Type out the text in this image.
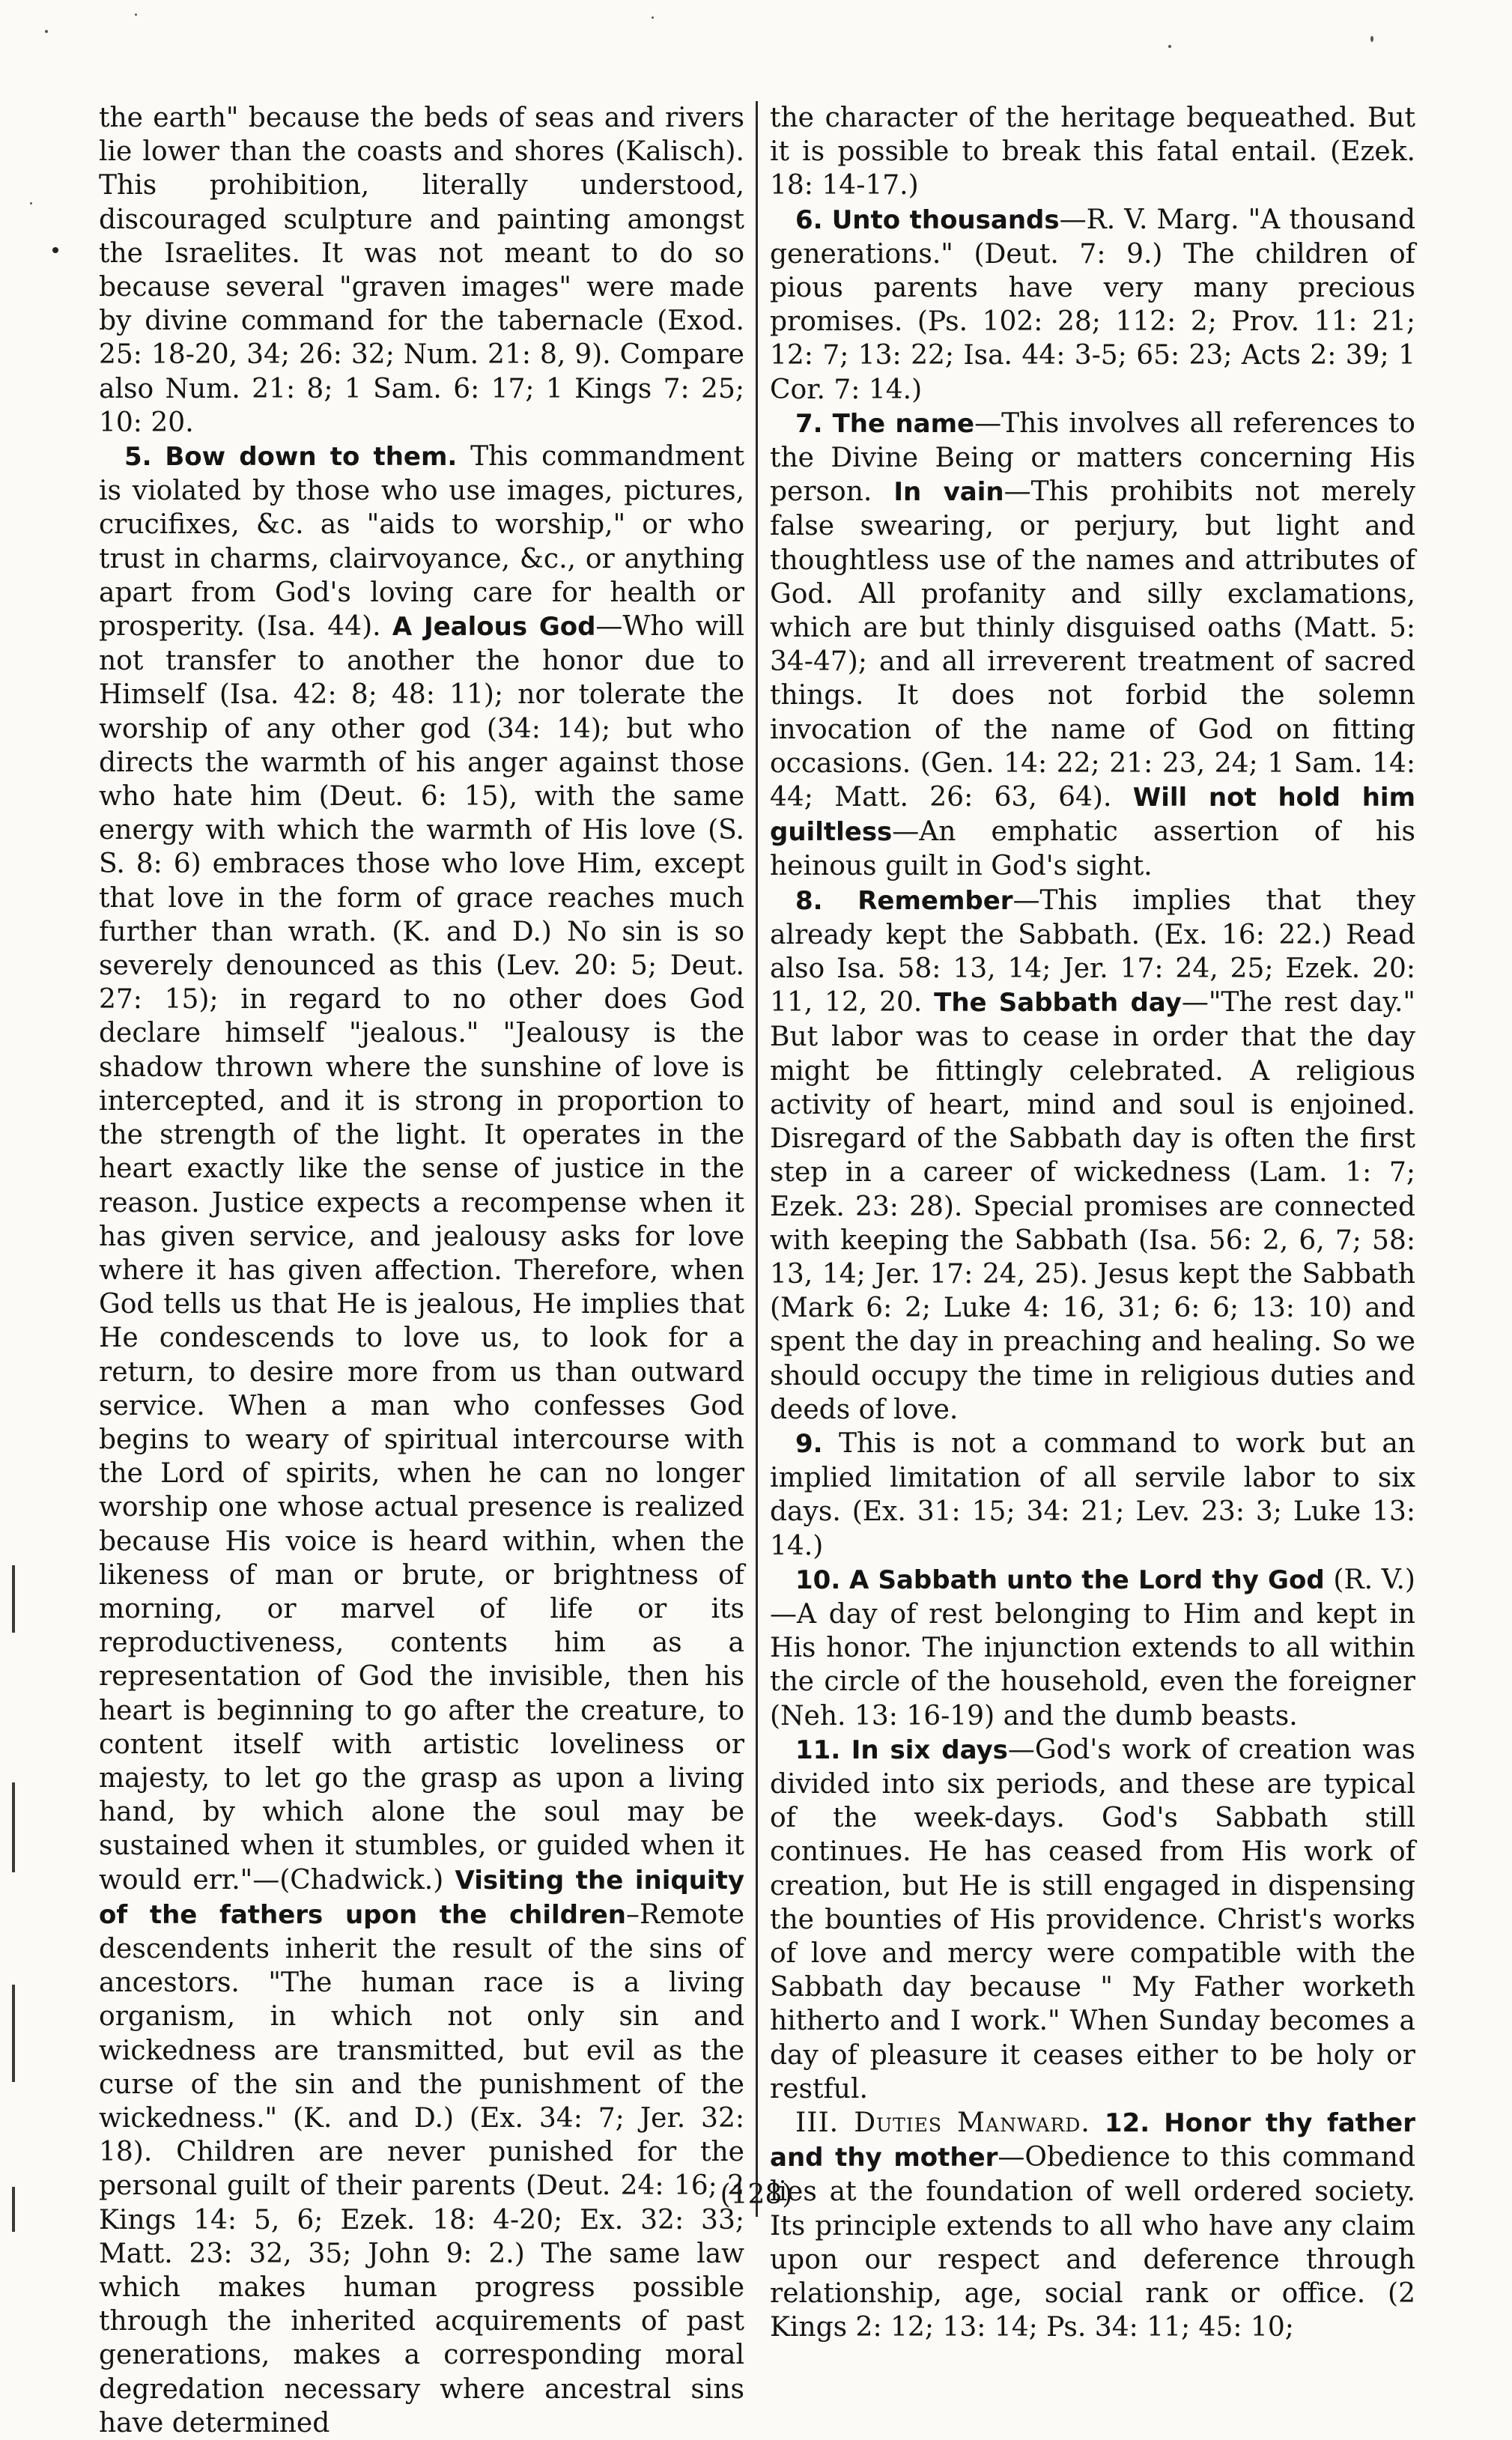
the earth" because the beds of seas and rivers lie lower than the coasts and shores (Kalisch). This prohibition, literally understood, discouraged sculpture and painting amongst the Israelites. It was not meant to do so because several "graven images" were made by divine command for the tabernacle (Exod. 25: 18-20, 34; 26: 32; Num. 21: 8, 9). Compare also Num. 21: 8; 1 Sam. 6: 17; 1 Kings 7: 25; 10: 20.

5. Bow down to them. This commandment is violated by those who use images, pictures, crucifixes, &c. as "aids to worship," or who trust in charms, clairvoyance, &c., or anything apart from God's loving care for health or prosperity. (Isa. 44). A Jealous God—Who will not transfer to another the honor due to Himself (Isa. 42: 8; 48: 11); nor tolerate the worship of any other god (34: 14); but who directs the warmth of his anger against those who hate him (Deut. 6: 15), with the same energy with which the warmth of His love (S. S. 8: 6) embraces those who love Him, except that love in the form of grace reaches much further than wrath. (K. and D.) No sin is so severely denounced as this (Lev. 20: 5; Deut. 27: 15); in regard to no other does God declare himself "jealous." "Jealousy is the shadow thrown where the sunshine of love is intercepted, and it is strong in proportion to the strength of the light. It operates in the heart exactly like the sense of justice in the reason. Justice expects a recompense when it has given service, and jealousy asks for love where it has given affection. Therefore, when God tells us that He is jealous, He implies that He condescends to love us, to look for a return, to desire more from us than outward service. When a man who confesses God begins to weary of spiritual intercourse with the Lord of spirits, when he can no longer worship one whose actual presence is realized because His voice is heard within, when the likeness of man or brute, or brightness of morning, or marvel of life or its reproductiveness, contents him as a representation of God the invisible, then his heart is beginning to go after the creature, to content itself with artistic loveliness or majesty, to let go the grasp as upon a living hand, by which alone the soul may be sustained when it stumbles, or guided when it would err."—(Chadwick.) Visiting the iniquity of the fathers upon the children–Remote descendents inherit the result of the sins of ancestors. "The human race is a living organism, in which not only sin and wickedness are transmitted, but evil as the curse of the sin and the punishment of the wickedness." (K. and D.) (Ex. 34: 7; Jer. 32: 18). Children are never punished for the personal guilt of their parents (Deut. 24: 16; 2 Kings 14: 5, 6; Ezek. 18: 4-20; Ex. 32: 33; Matt. 23: 32, 35; John 9: 2.) The same law which makes human progress possible through the inherited acquirements of past generations, makes a corresponding moral degredation necessary where ancestral sins have determined

the character of the heritage bequeathed. But it is possible to break this fatal entail. (Ezek. 18: 14-17.)

6. Unto thousands—R. V. Marg. "A thousand generations." (Deut. 7: 9.) The children of pious parents have very many precious promises. (Ps. 102: 28; 112: 2; Prov. 11: 21; 12: 7; 13: 22; Isa. 44: 3-5; 65: 23; Acts 2: 39; 1 Cor. 7: 14.)

7. The name—This involves all references to the Divine Being or matters concerning His person. In vain—This prohibits not merely false swearing, or perjury, but light and thoughtless use of the names and attributes of God. All profanity and silly exclamations, which are but thinly disguised oaths (Matt. 5: 34-47); and all irreverent treatment of sacred things. It does not forbid the solemn invocation of the name of God on fitting occasions. (Gen. 14: 22; 21: 23, 24; 1 Sam. 14: 44; Matt. 26: 63, 64). Will not hold him guiltless—An emphatic assertion of his heinous guilt in God's sight.

8. Remember—This implies that they already kept the Sabbath. (Ex. 16: 22.) Read also Isa. 58: 13, 14; Jer. 17: 24, 25; Ezek. 20: 11, 12, 20. The Sabbath day—"The rest day." But labor was to cease in order that the day might be fittingly celebrated. A religious activity of heart, mind and soul is enjoined. Disregard of the Sabbath day is often the first step in a career of wickedness (Lam. 1: 7; Ezek. 23: 28). Special promises are connected with keeping the Sabbath (Isa. 56: 2, 6, 7; 58: 13, 14; Jer. 17: 24, 25). Jesus kept the Sabbath (Mark 6: 2; Luke 4: 16, 31; 6: 6; 13: 10) and spent the day in preaching and healing. So we should occupy the time in religious duties and deeds of love.

9. This is not a command to work but an implied limitation of all servile labor to six days. (Ex. 31: 15; 34: 21; Lev. 23: 3; Luke 13: 14.)

10. A Sabbath unto the Lord thy God (R. V.)—A day of rest belonging to Him and kept in His honor. The injunction extends to all within the circle of the household, even the foreigner (Neh. 13: 16-19) and the dumb beasts.

11. In six days—God's work of creation was divided into six periods, and these are typical of the week-days. God's Sabbath still continues. He has ceased from His work of creation, but He is still engaged in dispensing the bounties of His providence. Christ's works of love and mercy were compatible with the Sabbath day because " My Father worketh hitherto and I work." When Sunday becomes a day of pleasure it ceases either to be holy or restful.

III. Duties Manward. 12. Honor thy father and thy mother—Obedience to this command lies at the foundation of well ordered society. Its principle extends to all who have any claim upon our respect and deference through relationship, age, social rank or office. (2 Kings 2: 12; 13: 14; Ps. 34: 11; 45: 10;

(128)
